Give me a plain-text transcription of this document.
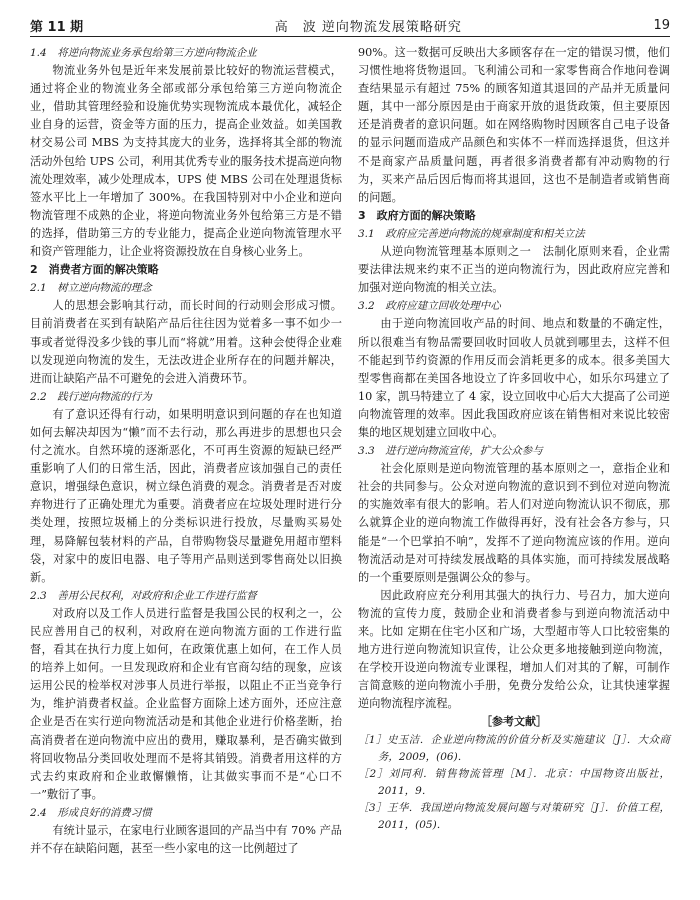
第 11 期	高　波 逆向物流发展策略研究	19

1.4　将逆向物流业务承包给第三方逆向物流企业

物流业务外包是近年来发展前景比较好的物流运营模式，通过将企业的物流业务全部或部分承包给第三方逆向物流企业，借助其管理经验和设施优势实现物流成本最优化，减轻企业自身的运营，资金等方面的压力，提高企业效益。如美国教材交易公司 MBS 为支持其庞大的业务，选择将其全部的物流活动外包给 UPS 公司，利用其优秀专业的服务技术提高逆向物流处理效率，减少处理成本，UPS 使 MBS 公司在处理退货标签水平比上一年增加了 300%。在我国特别对中小企业和逆向物流管理不成熟的企业，将逆向物流业务外包给第三方是不错的选择，借助第三方的专业能力，提高企业逆向物流管理水平和资产管理能力，让企业将资源投放在自身核心业务上。

2　消费者方面的解决策略

2.1　树立逆向物流的理念

人的思想会影响其行动，而长时间的行动则会形成习惯。目前消费者在买到有缺陷产品后往往因为觉着多一事不如少一事或者觉得没多少钱的事儿而“将就”用着。这种会使得企业难以发现逆向物流的发生，无法改进企业所存在的问题并解决，进而让缺陷产品不可避免的会进入消费环节。

2.2　践行逆向物流的行为

有了意识还得有行动，如果明明意识到问题的存在也知道如何去解决却因为“懒”而不去行动，那么再进步的思想也只会付之流水。自然环境的逐渐恶化，不可再生资源的短缺已经严重影响了人们的日常生活，因此，消费者应该加强自己的责任意识，增强绿色意识，树立绿色消费的观念。消费者是否对废弃物进行了正确处理尤为重要。消费者应在垃圾处理时进行分类处理，按照垃圾桶上的分类标识进行投放，尽量购买易处理，易降解包装材料的产品，自带购物袋尽量避免用超市塑料袋，对家中的废旧电器、电子等用产品则送到零售商处以旧换新。

2.3　善用公民权利，对政府和企业工作进行监督

对政府以及工作人员进行监督是我国公民的权利之一，公民应善用自己的权利，对政府在逆向物流方面的工作进行监督，看其在执行力度上如何，在政策优惠上如何，在工作人员的培养上如何。一旦发现政府和企业有官商勾结的现象，应该运用公民的检举权对涉事人员进行举报，以阻止不正当竞争行为，维护消费者权益。企业监督方面除上述方面外，还应注意企业是否在实行逆向物流活动是和其他企业进行价格垄断，抬高消费者在逆向物流中应出的费用，赚取暴利，是否确实做到将回收物品分类回收处理而不是将其销毁。消费者用这样的方式去约束政府和企业敢懈懒惰，让其做实事而不是“心口不一”敷衍了事。

2.4　形成良好的消费习惯

有统计显示，在家电行业顾客退回的产品当中有 70% 产品并不存在缺陷问题，甚至一些小家电的这一比例超过了

90%。这一数据可反映出大多顾客存在一定的错误习惯，他们习惯性地将货物退回。飞利浦公司和一家零售商合作地问卷调查结果显示有超过 75% 的顾客知道其退回的产品并无质量问题，其中一部分原因是由于商家开放的退货政策，但主要原因还是消费者的意识问题。如在网络购物时因顾客自己电子设备的显示问题而造成产品颜色和实体不一样而选择退货，但这并不是商家产品质量问题，再者很多消费者都有冲动购物的行为，买来产品后因后悔而将其退回，这也不是制造者或销售商的问题。

3　政府方面的解决策略

3.1　政府应完善逆向物流的规章制度和相关立法

从逆向物流管理基本原则之一　法制化原则来看，企业需要法律法规来约束不正当的逆向物流行为，因此政府应完善和加强对逆向物流的相关立法。

3.2　政府应建立回收处理中心

由于逆向物流回收产品的时间、地点和数量的不确定性，所以很难当有物品需要回收时回收人员就到哪里去，这样不但不能起到节约资源的作用反而会消耗更多的成本。很多美国大型零售商都在美国各地设立了许多回收中心，如乐尔玛建立了 10 家，凯马特建立了 4 家，设立回收中心后大大提高了公司逆向物流管理的效率。因此我国政府应该在销售相对来说比较密集的地区规划建立回收中心。

3.3　进行逆向物流宣传，扩大公众参与

社会化原则是逆向物流管理的基本原则之一，意指企业和社会的共同参与。公众对逆向物流的意识到不到位对逆向物流的实施效率有很大的影响。若人们对逆向物流认识不彻底，那么就算企业的逆向物流工作做得再好，没有社会各方参与，只能是“一个巴掌拍不响”，发挥不了逆向物流应该的作用。逆向物流活动是对可持续发展战略的具体实施，而可持续发展战略的一个重要原则是强调公众的参与。

因此政府应充分利用其强大的执行力、号召力，加大逆向物流的宣传力度，鼓励企业和消费者参与到逆向物流活动中来。比如 定期在住宅小区和广场，大型超市等人口比较密集的地方进行逆向物流知识宣传，让公众更多地接触到逆向物流，在学校开设逆向物流专业课程，增加人们对其的了解，可制作言简意赅的逆向物流小手册，免费分发给公众，让其快速掌握逆向物流程序流程。

［参考文献］

［1］史玉洁．企业逆向物流的价值分析及实施建议［J］．大众商务，2009，(06)．

［2］刘同利．销售物流管理［M］．北京：中国物资出版社，2011，9．

［3］王华．我国逆向物流发展问题与对策研究［J］．价值工程，2011，(05)．
